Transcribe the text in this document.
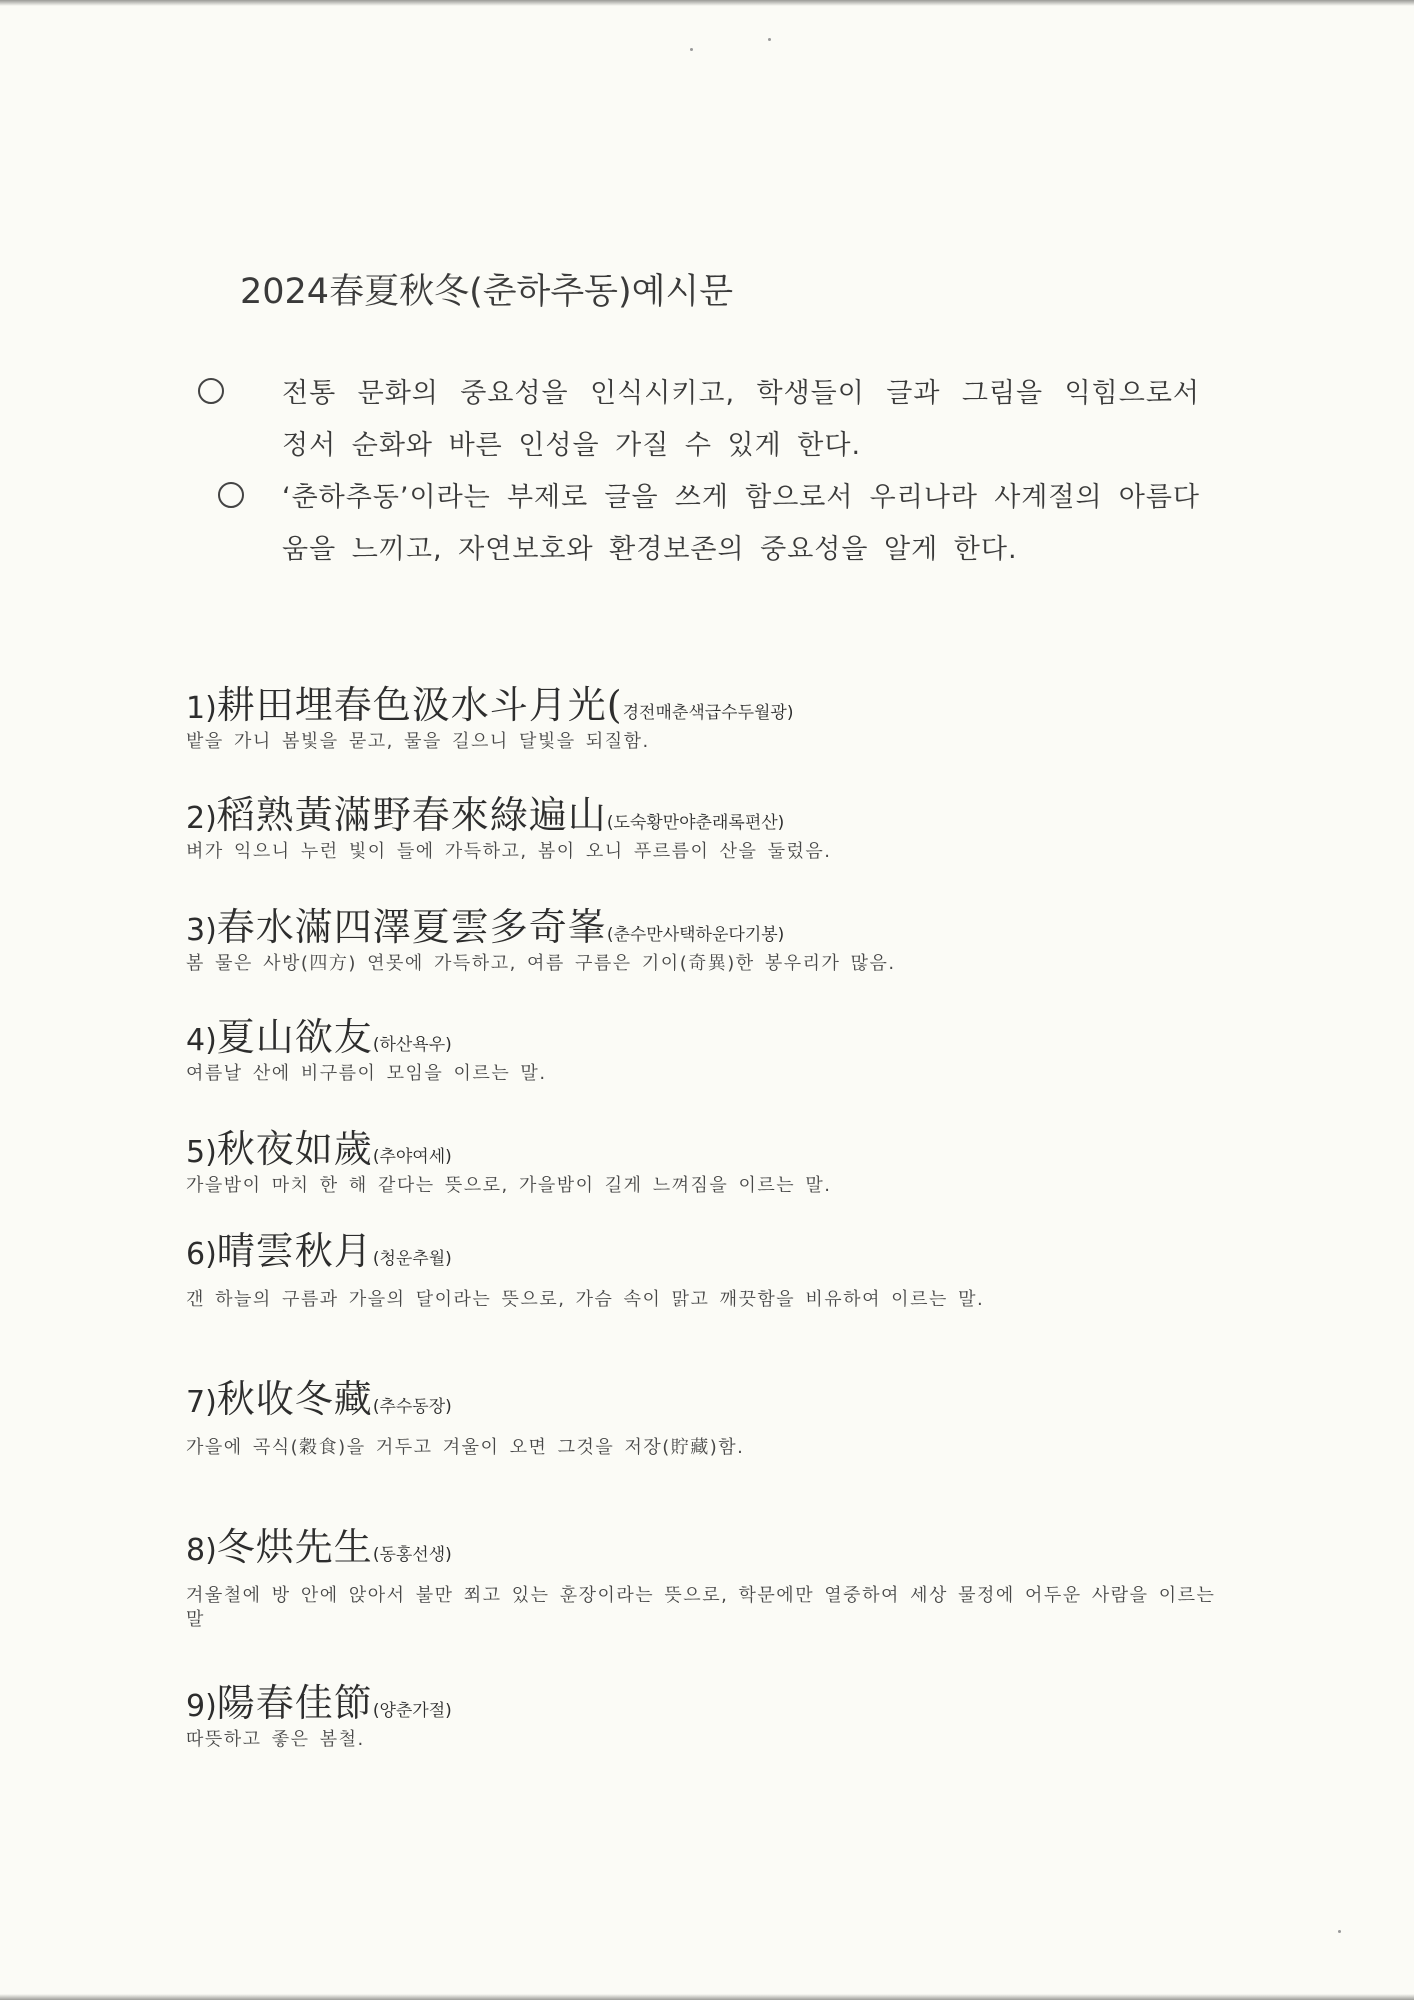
2024春夏秋冬(춘하추동)예시문
전통 문화의 중요성을 인식시키고, 학생들이 글과 그림을 익힘으로서 정서 순화와 바른 인성을 가질 수 있게 한다.
‘춘하추동’이라는 부제로 글을 쓰게 함으로서 우리나라 사계절의 아름다움을 느끼고, 자연보호와 환경보존의 중요성을 알게 한다.
1)耕田埋春色汲水斗月光(경전매춘색급수두월광)
밭을 가니 봄빛을 묻고, 물을 길으니 달빛을 되질함.
2)稻熟黃滿野春來綠遍山(도숙황만야춘래록편산)
벼가 익으니 누런 빛이 들에 가득하고, 봄이 오니 푸르름이 산을 둘렀음.
3)春水滿四澤夏雲多奇峯(춘수만사택하운다기봉)
봄 물은 사방(四方) 연못에 가득하고, 여름 구름은 기이(奇異)한 봉우리가 많음.
4)夏山欲友(하산욕우)
여름날 산에 비구름이 모임을 이르는 말.
5)秋夜如歲(추야여세)
가을밤이 마치 한 해 같다는 뜻으로, 가을밤이 길게 느껴짐을 이르는 말.
6)晴雲秋月(청운추월)
갠 하늘의 구름과 가을의 달이라는 뜻으로, 가슴 속이 맑고 깨끗함을 비유하여 이르는 말.
7)秋收冬藏(추수동장)
가을에 곡식(穀食)을 거두고 겨울이 오면 그것을 저장(貯藏)함.
8)冬烘先生(동홍선생)
겨울철에 방 안에 앉아서 불만 쬐고 있는 훈장이라는 뜻으로, 학문에만 열중하여 세상 물정에 어두운 사람을 이르는 말
9)陽春佳節(양춘가절)
따뜻하고 좋은 봄철.
